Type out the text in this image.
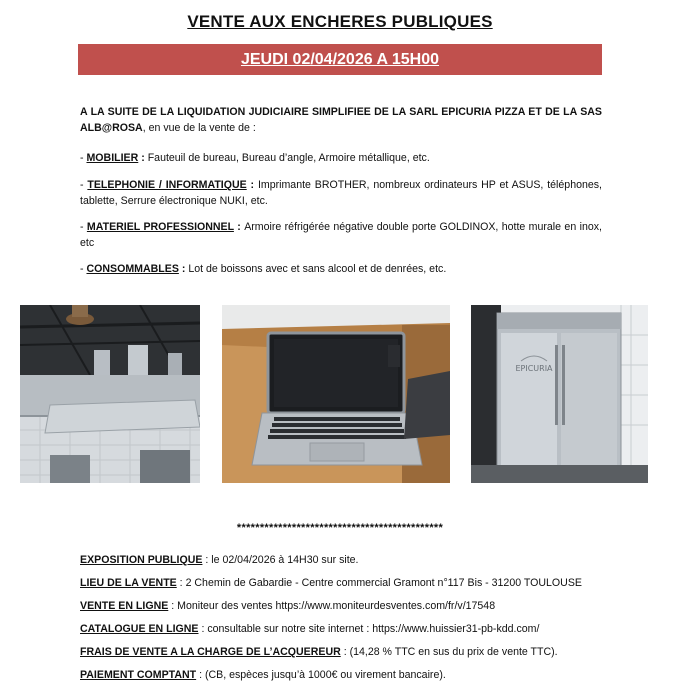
VENTE AUX ENCHERES PUBLIQUES
JEUDI 02/04/2026 A 15H00
A LA SUITE DE LA LIQUIDATION JUDICIAIRE SIMPLIFIEE DE LA SARL EPICURIA PIZZA ET DE LA SAS ALB@ROSA, en vue de la vente de :
- MOBILIER : Fauteuil de bureau, Bureau d’angle, Armoire métallique, etc.
- TELEPHONIE / INFORMATIQUE : Imprimante BROTHER, nombreux ordinateurs HP et ASUS, téléphones, tablette, Serrure électronique NUKI, etc.
- MATERIEL PROFESSIONNEL : Armoire réfrigérée négative double porte GOLDINOX, hotte murale en inox, etc
- CONSOMMABLES : Lot de boissons avec et sans alcool et de denrées, etc.
EPICURIA
*********************************************
EXPOSITION PUBLIQUE : le 02/04/2026 à 14H30 sur site.
LIEU DE LA VENTE : 2 Chemin de Gabardie - Centre commercial Gramont n°117 Bis - 31200 TOULOUSE
VENTE EN LIGNE : Moniteur des ventes https://www.moniteurdesventes.com/fr/v/17548
CATALOGUE EN LIGNE : consultable sur notre site internet : https://www.huissier31-pb-kdd.com/
FRAIS DE VENTE A LA CHARGE DE L’ACQUEREUR : (14,28 % TTC en sus du prix de vente TTC).
PAIEMENT COMPTANT : (CB, espèces jusqu’à 1000€ ou virement bancaire).
